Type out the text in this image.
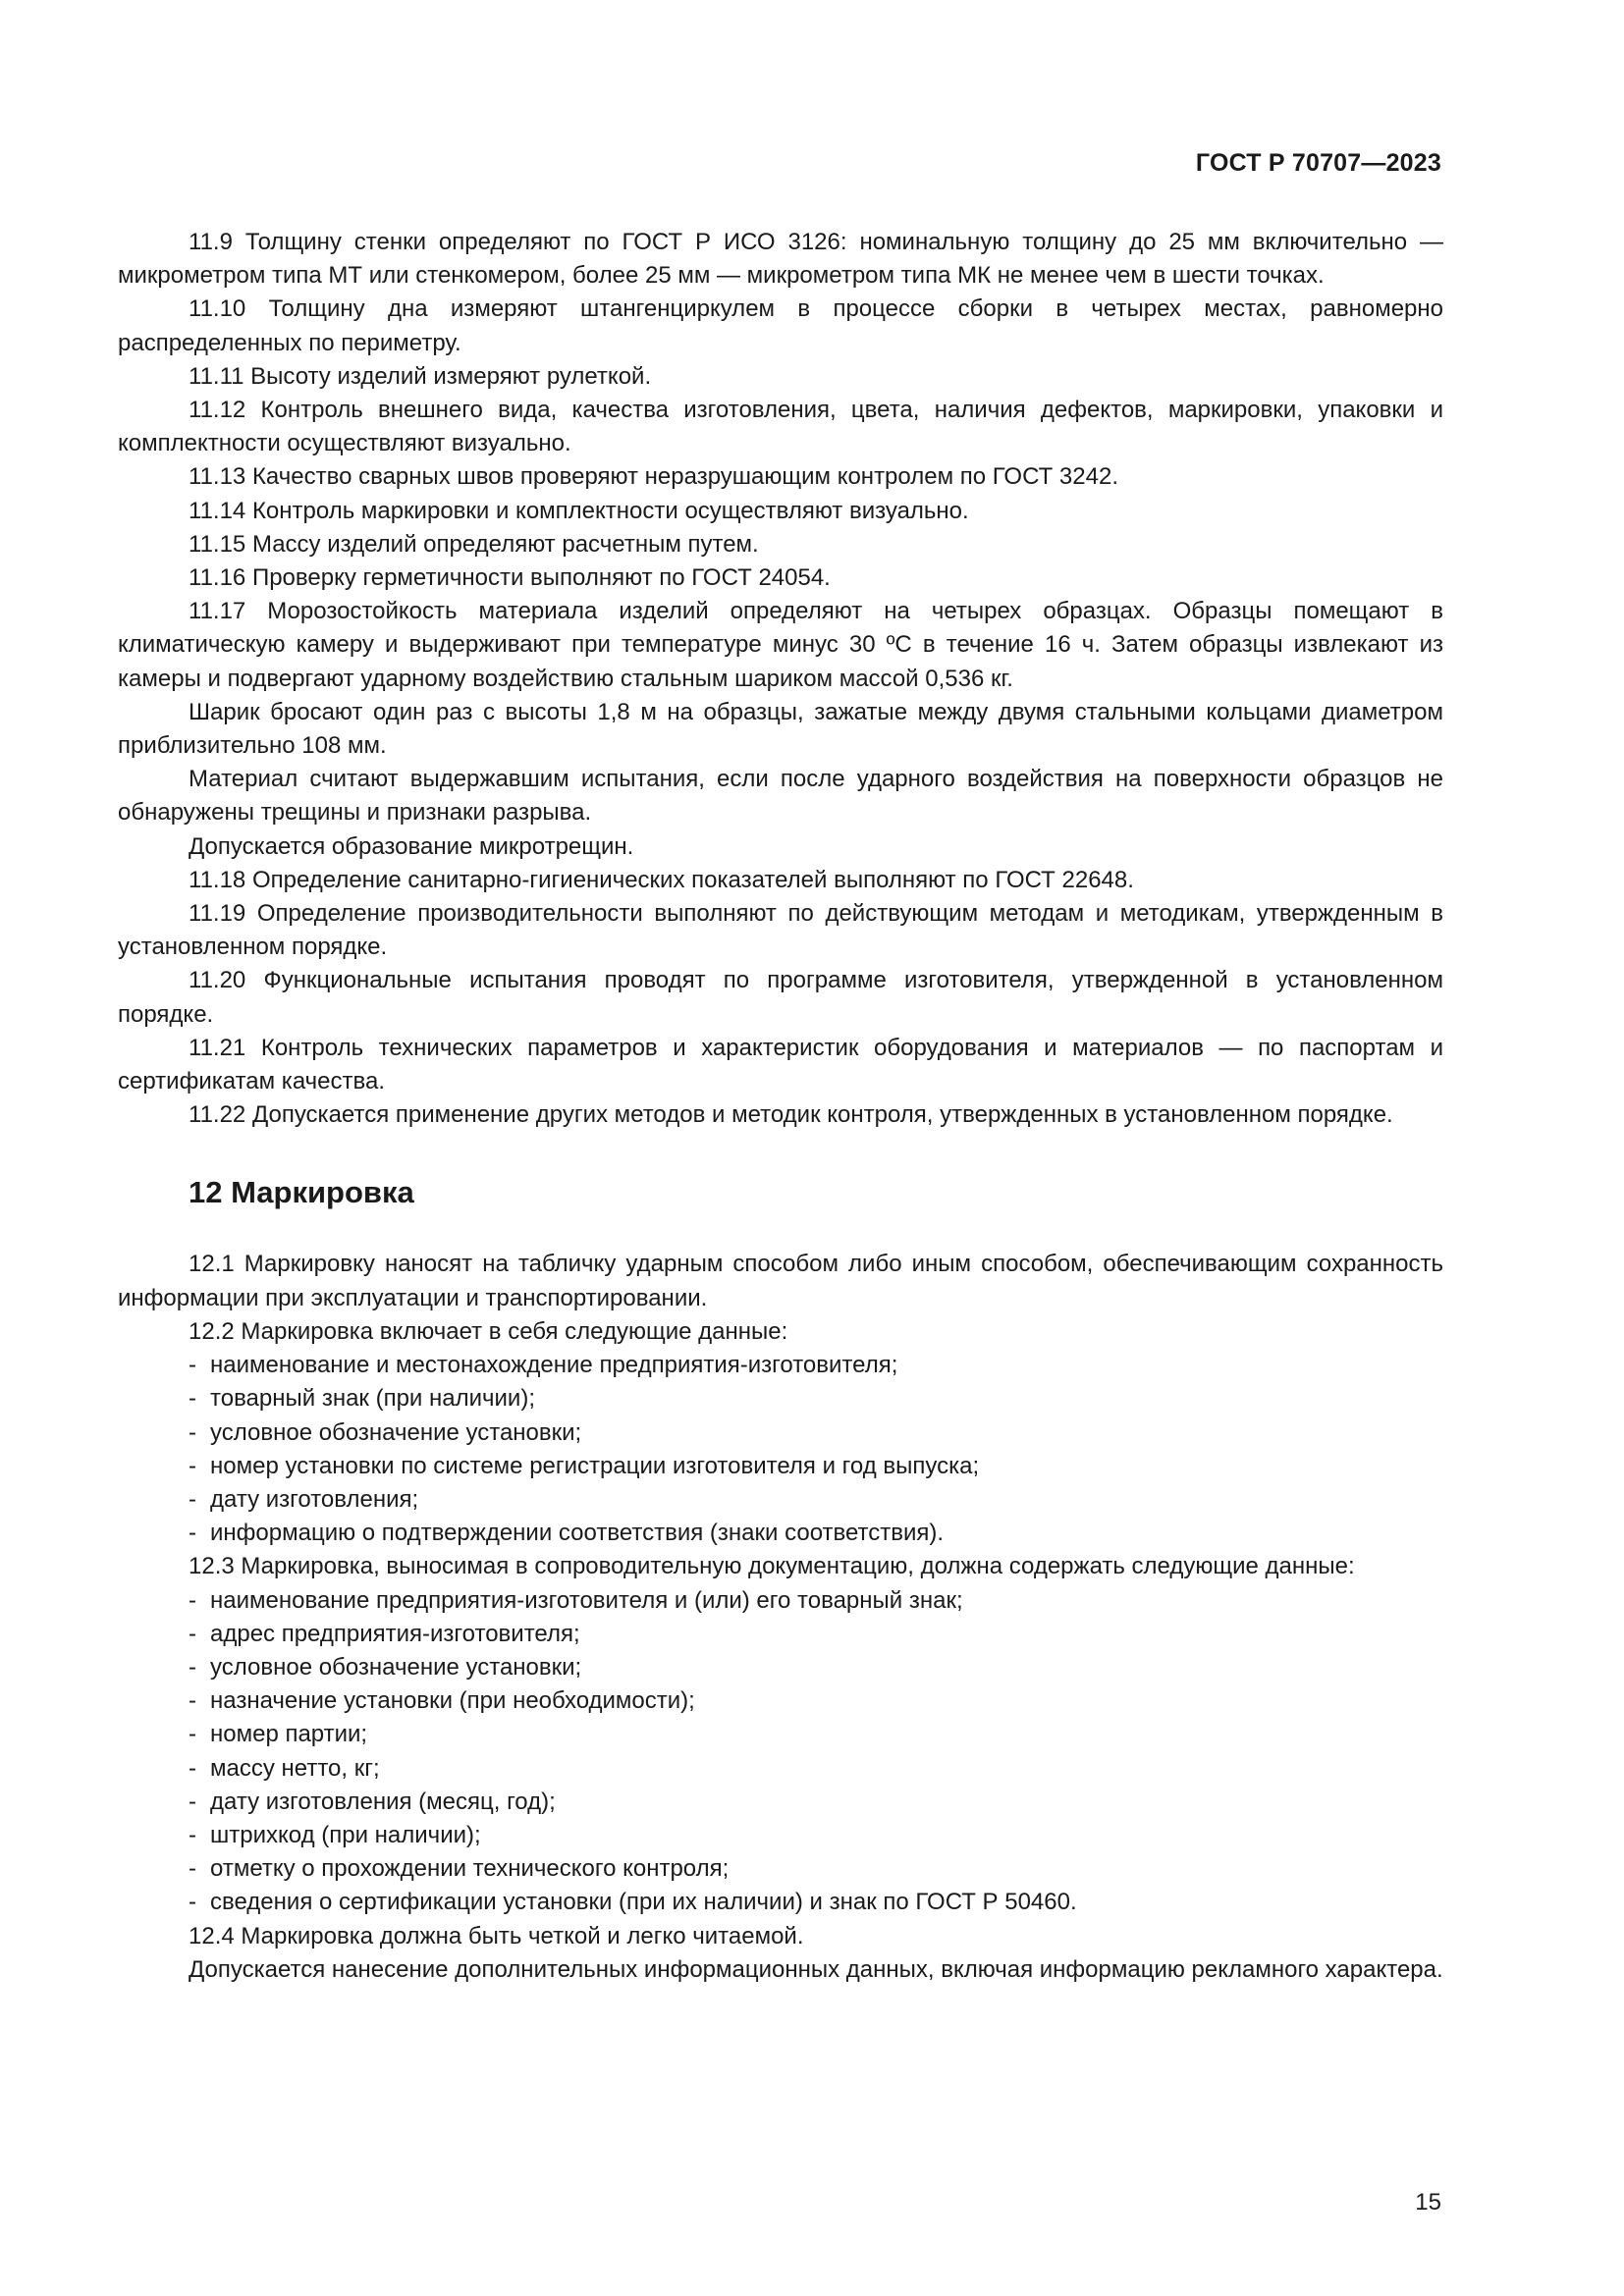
ГОСТ Р 70707—2023

11.9 Толщину стенки определяют по ГОСТ Р ИСО 3126: номинальную толщину до 25 мм включительно — микрометром типа МТ или стенкомером, более 25 мм — микрометром типа МК не менее чем в шести точках.

11.10 Толщину дна измеряют штангенциркулем в процессе сборки в четырех местах, равномерно распределенных по периметру.

11.11 Высоту изделий измеряют рулеткой.

11.12 Контроль внешнего вида, качества изготовления, цвета, наличия дефектов, маркировки, упаковки и комплектности осуществляют визуально.

11.13 Качество сварных швов проверяют неразрушающим контролем по ГОСТ 3242.

11.14 Контроль маркировки и комплектности осуществляют визуально.

11.15 Массу изделий определяют расчетным путем.

11.16 Проверку герметичности выполняют по ГОСТ 24054.

11.17 Морозостойкость материала изделий определяют на четырех образцах. Образцы помещают в климатическую камеру и выдерживают при температуре минус 30 ºС в течение 16 ч. Затем образцы извлекают из камеры и подвергают ударному воздействию стальным шариком массой 0,536 кг.

Шарик бросают один раз с высоты 1,8 м на образцы, зажатые между двумя стальными кольцами диаметром приблизительно 108 мм.

Материал считают выдержавшим испытания, если после ударного воздействия на поверхности образцов не обнаружены трещины и признаки разрыва.

Допускается образование микротрещин.

11.18 Определение санитарно-гигиенических показателей выполняют по ГОСТ 22648.

11.19 Определение производительности выполняют по действующим методам и методикам, утвержденным в установленном порядке.

11.20 Функциональные испытания проводят по программе изготовителя, утвержденной в установленном порядке.

11.21 Контроль технических параметров и характеристик оборудования и материалов — по паспортам и сертификатам качества.

11.22 Допускается применение других методов и методик контроля, утвержденных в установленном порядке.

12 Маркировка

12.1 Маркировку наносят на табличку ударным способом либо иным способом, обеспечивающим сохранность информации при эксплуатации и транспортировании.

12.2 Маркировка включает в себя следующие данные:

- наименование и местонахождение предприятия-изготовителя;
- товарный знак (при наличии);
- условное обозначение установки;
- номер установки по системе регистрации изготовителя и год выпуска;
- дату изготовления;
- информацию о подтверждении соответствия (знаки соответствия).

12.3 Маркировка, выносимая в сопроводительную документацию, должна содержать следующие данные:

- наименование предприятия-изготовителя и (или) его товарный знак;
- адрес предприятия-изготовителя;
- условное обозначение установки;
- назначение установки (при необходимости);
- номер партии;
- массу нетто, кг;
- дату изготовления (месяц, год);
- штрихкод (при наличии);
- отметку о прохождении технического контроля;
- сведения о сертификации установки (при их наличии) и знак по ГОСТ Р 50460.

12.4 Маркировка должна быть четкой и легко читаемой.

Допускается нанесение дополнительных информационных данных, включая информацию рекламного характера.

15
